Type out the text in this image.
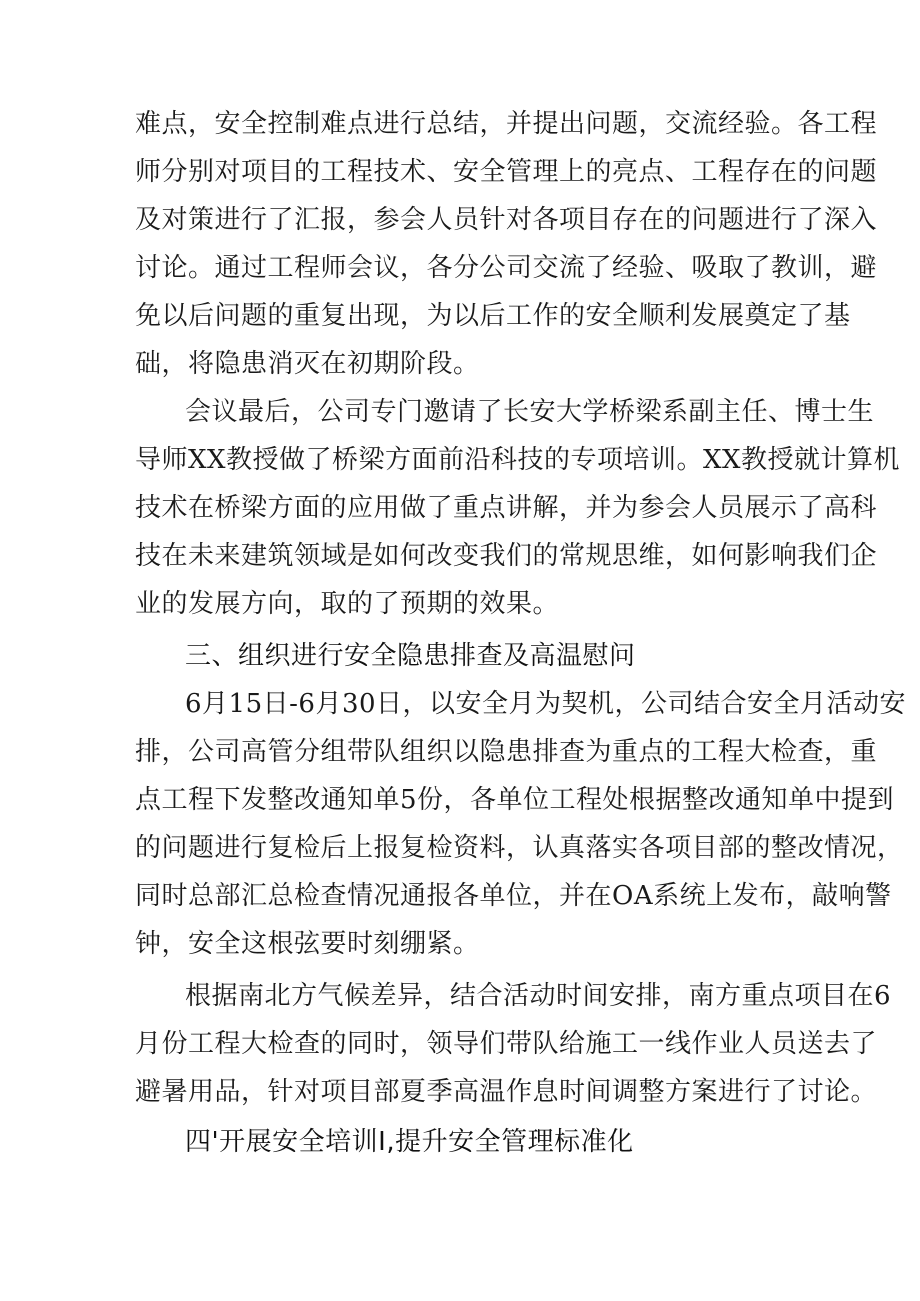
难点，安全控制难点进行总结，并提出问题，交流经验。各工程
师分别对项目的工程技术、安全管理上的亮点、工程存在的问题
及对策进行了汇报，参会人员针对各项目存在的问题进行了深入
讨论。通过工程师会议，各分公司交流了经验、吸取了教训，避
免以后问题的重复出现，为以后工作的安全顺利发展奠定了基
础，将隐患消灭在初期阶段。
会议最后，公司专门邀请了长安大学桥梁系副主任、博士生
导师XX教授做了桥梁方面前沿科技的专项培训。XX教授就计算机
技术在桥梁方面的应用做了重点讲解，并为参会人员展示了高科
技在未来建筑领域是如何改变我们的常规思维，如何影响我们企
业的发展方向，取的了预期的效果。
三、组织进行安全隐患排查及高温慰问
6月15日-6月30日，以安全月为契机，公司结合安全月活动安
排，公司高管分组带队组织以隐患排查为重点的工程大检查，重
点工程下发整改通知单5份，各单位工程处根据整改通知单中提到
的问题进行复检后上报复检资料，认真落实各项目部的整改情况，
同时总部汇总检查情况通报各单位，并在OA系统上发布，敲响警
钟，安全这根弦要时刻绷紧。
根据南北方气候差异，结合活动时间安排，南方重点项目在6
月份工程大检查的同时，领导们带队给施工一线作业人员送去了
避暑用品，针对项目部夏季高温作息时间调整方案进行了讨论。
四'开展安全培训I,提升安全管理标准化
